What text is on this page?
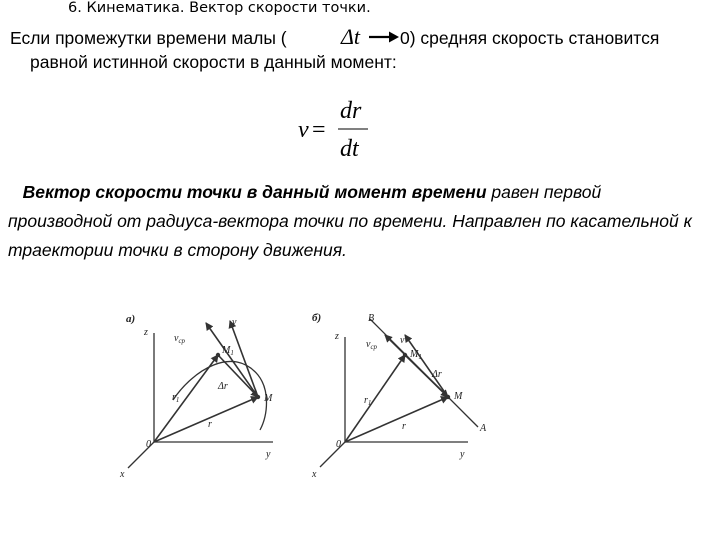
6. Кинематика. Вектор скорости точки.
Если промежутки времени малы ( Δt 0) средняя скорость становится
равной истинной скорости в данный момент:
v =
dr
dt
Вектор скорости точки в данный момент времени равен первой производной от радиуса-вектора точки по времени. Направлен по касательной к траектории точки в сторону движения.
а)
z
y
x
0
v
$v_{ср}$
$M_1$
M
Δr
$r_1$
r
б)
z
y
x
0
B
A
v
$v_{ср}$
$M_1$
M
Δr
$r_1$
r
